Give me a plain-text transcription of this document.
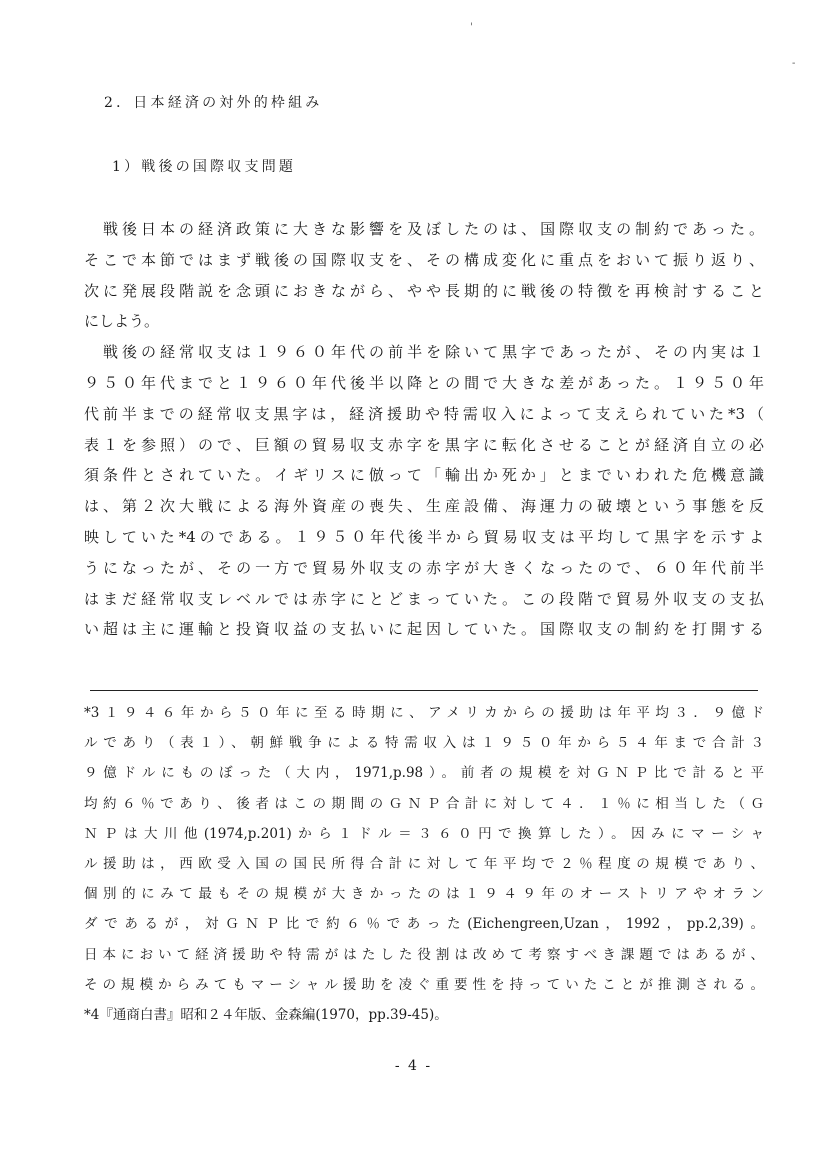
'
-
2．日本経済の対外的枠組み
1）戦後の国際収支問題
　戦後日本の経済政策に大きな影響を及ぼしたのは、国際収支の制約であった。
そこで本節ではまず戦後の国際収支を、その構成変化に重点をおいて振り返り、
次に発展段階説を念頭におきながら、やや長期的に戦後の特徴を再検討すること
にしよう。
　戦後の経常収支は１９６０年代の前半を除いて黒字であったが、その内実は１
９５０年代までと１９６０年代後半以降との間で大きな差があった。１９５０年
代前半までの経常収支黒字は，経済援助や特需収入によって支えられていた*3（
表１を参照）ので、巨額の貿易収支赤字を黒字に転化させることが経済自立の必
須条件とされていた。イギリスに倣って「輸出か死か」とまでいわれた危機意識
は、第２次大戦による海外資産の喪失、生産設備、海運力の破壊という事態を反
映していた*4のである。１９５０年代後半から貿易収支は平均して黒字を示すよ
うになったが、その一方で貿易外収支の赤字が大きくなったので、６０年代前半
はまだ経常収支レベルでは赤字にとどまっていた。この段階で貿易外収支の支払
い超は主に運輸と投資収益の支払いに起因していた。国際収支の制約を打開する
*3１９４６年から５０年に至る時期に、アメリカからの援助は年平均３．９億ド
ルであり（表１）、朝鮮戦争による特需収入は１９５０年から５４年まで合計３
９億ドルにものぼった（大内，1971,p.98）。前者の規模を対ＧＮＰ比で計ると平
均約６％であり、後者はこの期間のＧＮＰ合計に対して４．１％に相当した（Ｇ
ＮＰは大川他(1974,p.201)から１ドル＝３６０円で換算した）。因みにマーシャ
ル援助は，西欧受入国の国民所得合計に対して年平均で２％程度の規模であり、
個別的にみて最もその規模が大きかったのは１９４９年のオーストリアやオラン
ダであるが，対ＧＮＰ比で約６％であった(Eichengreen,Uzan，1992，pp.2,39)。
日本において経済援助や特需がはたした役割は改めて考察すべき課題ではあるが、
その規模からみてもマーシャル援助を凌ぐ重要性を持っていたことが推測される。
*4『通商白書』昭和２４年版、金森編(1970，pp.39-45)。
- 4 -
